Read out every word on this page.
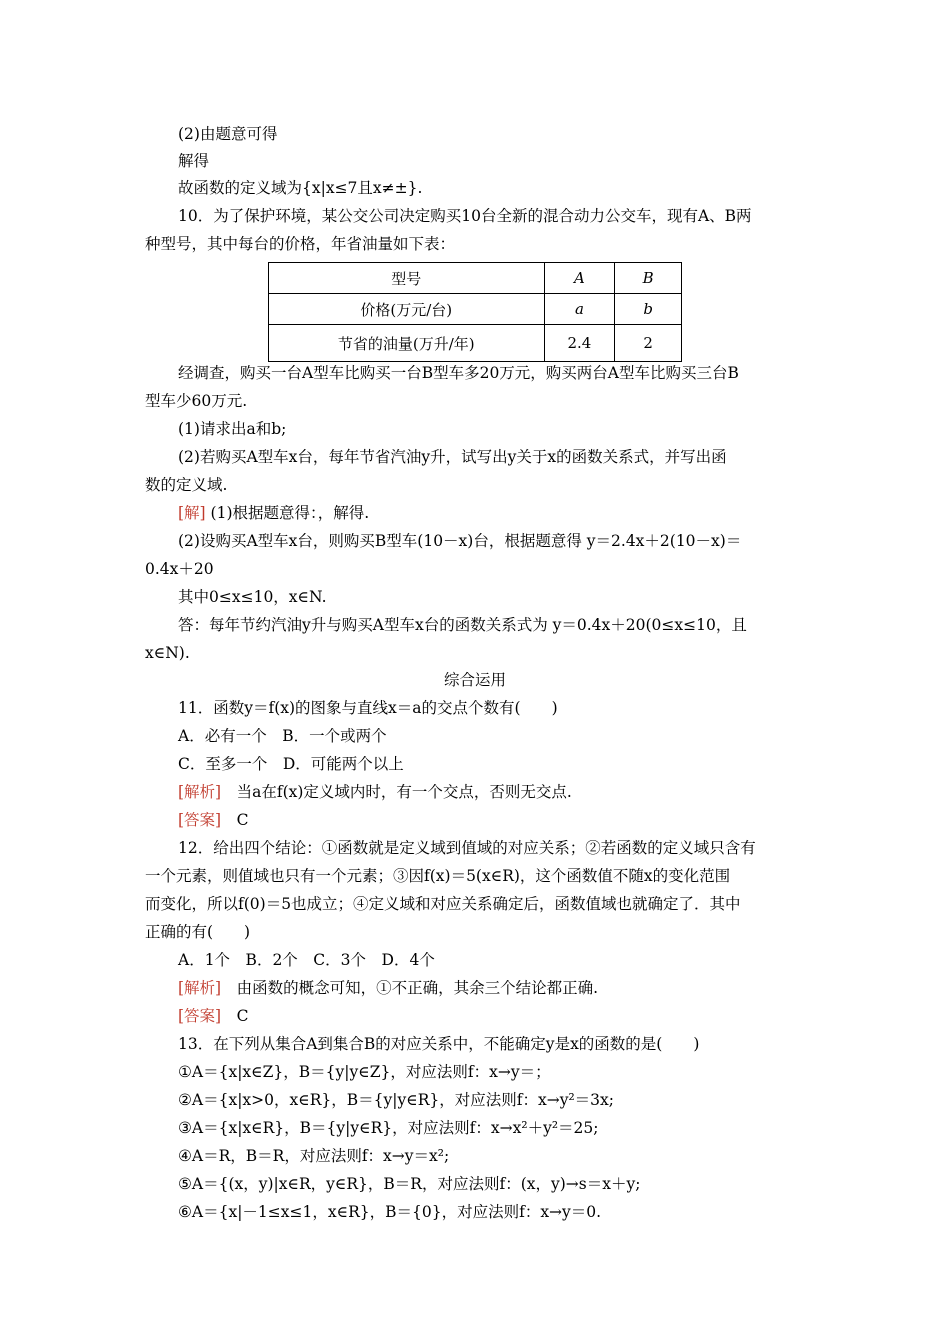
(2)由题意可得
解得
故函数的定义域为{x|x≤7且x≠±}.
10．为了保护环境，某公交公司决定购买10台全新的混合动力公交车，现有A、B两
种型号，其中每台的价格，年省油量如下表：
型号	A	B
价格(万元/台)	a	b
节省的油量(万升/年)	2.4	2
经调查，购买一台A型车比购买一台B型车多20万元，购买两台A型车比购买三台B
型车少60万元.
(1)请求出a和b;
(2)若购买A型车x台，每年节省汽油y升，试写出y关于x的函数关系式，并写出函
数的定义域.
[解] (1)根据题意得：，解得.
(2)设购买A型车x台，则购买B型车(10－x)台，根据题意得 y＝2.4x＋2(10－x)＝
0.4x＋20
其中0≤x≤10，x∈N.
答：每年节约汽油y升与购买A型车x台的函数关系式为 y＝0.4x＋20(0≤x≤10，且
x∈N).
综合运用
11．函数y＝f(x)的图象与直线x＝a的交点个数有(　　)
A．必有一个　B．一个或两个
C．至多一个　D．可能两个以上
[解析]　当a在f(x)定义域内时，有一个交点，否则无交点.
[答案]　C
12．给出四个结论：①函数就是定义域到值域的对应关系；②若函数的定义域只含有
一个元素，则值域也只有一个元素；③因f(x)＝5(x∈R)，这个函数值不随x的变化范围
而变化，所以f(0)＝5也成立；④定义域和对应关系确定后，函数值域也就确定了．其中
正确的有(　　)
A．1个　B．2个　C．3个　D．4个
[解析]　由函数的概念可知，①不正确，其余三个结论都正确.
[答案]　C
13．在下列从集合A到集合B的对应关系中，不能确定y是x的函数的是(　　)
①A＝{x|x∈Z}，B＝{y|y∈Z}，对应法则f：x→y＝；
②A＝{x|x>0，x∈R}，B＝{y|y∈R}，对应法则f：x→y²＝3x;
③A＝{x|x∈R}，B＝{y|y∈R}，对应法则f：x→x²＋y²＝25;
④A＝R，B＝R，对应法则f：x→y＝x²;
⑤A＝{(x，y)|x∈R，y∈R}，B＝R，对应法则f：(x，y)→s＝x＋y;
⑥A＝{x|－1≤x≤1，x∈R}，B＝{0}，对应法则f：x→y＝0.
